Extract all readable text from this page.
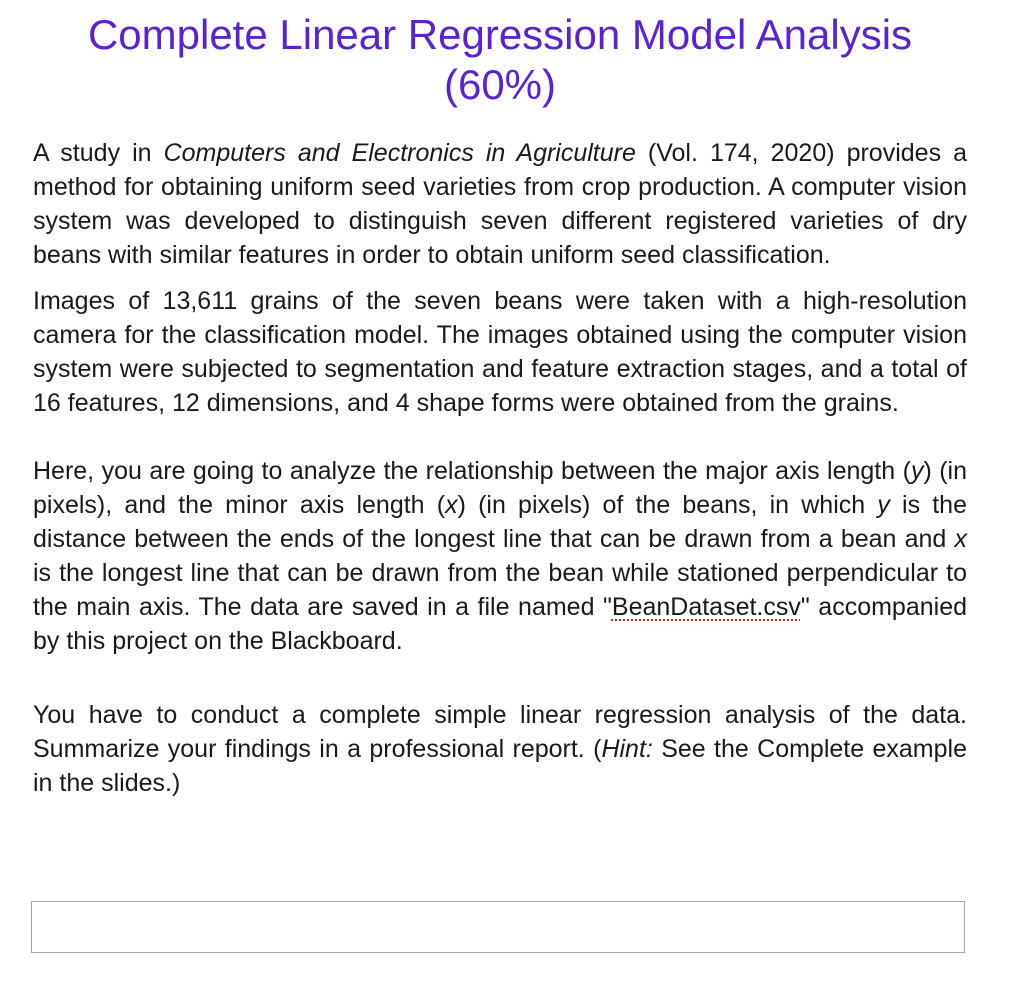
Complete Linear Regression Model Analysis
(60%)

A study in Computers and Electronics in Agriculture (Vol. 174, 2020) provides a method for obtaining uniform seed varieties from crop production. A computer vision system was developed to distinguish seven different registered varieties of dry beans with similar features in order to obtain uniform seed classification.

Images of 13,611 grains of the seven beans were taken with a high-resolution camera for the classification model. The images obtained using the computer vision system were subjected to segmentation and feature extraction stages, and a total of 16 features, 12 dimensions, and 4 shape forms were obtained from the grains.

Here, you are going to analyze the relationship between the major axis length (y) (in pixels), and the minor axis length (x) (in pixels) of the beans, in which y is the distance between the ends of the longest line that can be drawn from a bean and x is the longest line that can be drawn from the bean while stationed perpendicular to the main axis. The data are saved in a file named "BeanDataset.csv" accompanied by this project on the Blackboard.

You have to conduct a complete simple linear regression analysis of the data. Summarize your findings in a professional report. (Hint: See the Complete example in the slides.)
